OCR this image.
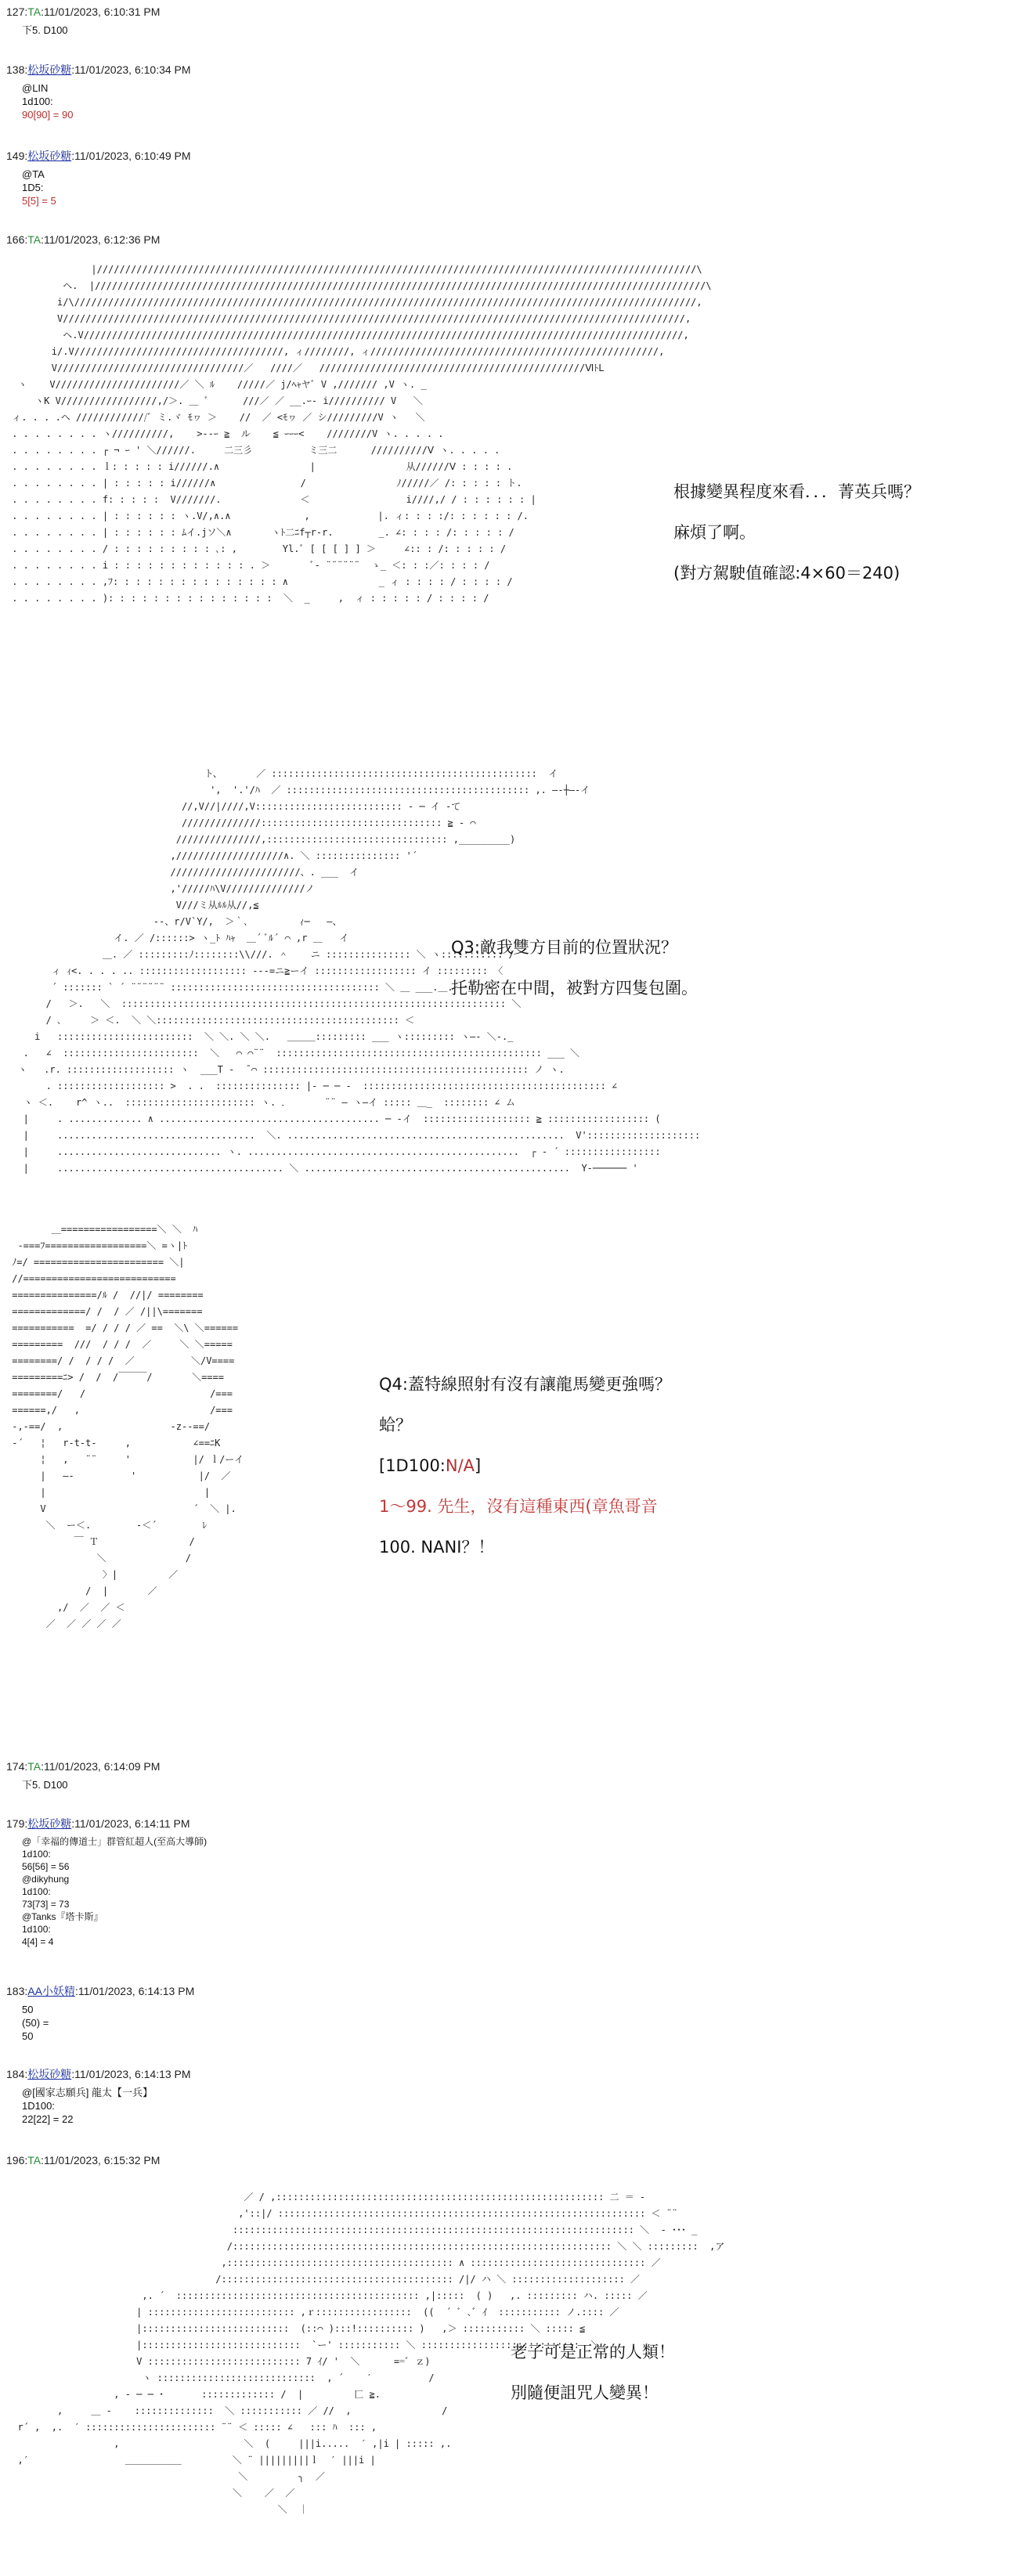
127:TA:11/01/2023, 6:10:31 PM
下5. D100
138:松坂砂糖:11/01/2023, 6:10:34 PM
@LIN
1d100:
90[90] = 90
149:松坂砂糖:11/01/2023, 6:10:49 PM
@TA
1D5:
5[5] = 5
166:TA:11/01/2023, 6:12:36 PM
|//////////////////////////////////////////////////////////////////////////////////////////////////////////\
ヘ.  |////////////////////////////////////////////////////////////////////////////////////////////////////////////\
i/\//////////////////////////////////////////////////////////////////////////////////////////////////////////////,
V//////////////////////////////////////////////////////////////////////////////////////////////////////////////,
ヘ.V//////////////////////////////////////////////////////////////////////////////////////////////////////////,
i/.V/////////////////////////////////////, ィ////////, ィ///////////////////////////////////////////////////,
V/////////////////////////////////／   ////／   ///////////////////////////////////////////////ⅥﾄL
ヽ    V//////////////////////／ ＼ ﾙ    /////／ j/ﾍｬヤﾞ V ,/////// ,V ヽ. _
ヽK V/////////////////,/＞. ＿ ﾞ      ///／ ／ __.ｰ- i////////// V   ＼
ィ. . . .ヘ /////////////ﾞ ミ.ヾ ﾓヮ ＞    //  ／ <ﾓヮ ／ シ/////////V ヽ   ＼
. . . . . . . . ヽ//////////,    >--ｰ ≧  ル    ≦ ｰｰｰ<    ////////V ヽ. . . . .
. . . . . . . . ┌ ¬ ｰ ' ＼//////.     二三彡          ミ三二      //////////Ⅴ ヽ. . . . .
. . . . . . . . ｌ: : : : : i//////.∧                |                从//////Ⅴ : : : : .
. . . . . . . . | : : : : : i//////∧               /                ﾉ/////／ /: : : : : ト.
. . . . . . . . f: : : : :  V///////.              ＜                 i////,/ / : : : : : : |
. . . . . . . . | : : : : : : ヽ.V/,∧.∧             ,            |. ィ: : : :/: : : : : : /.
. . . . . . . . | : : : : : : ﾑイ.jソ＼∧       ヽﾄ二ﾆf┬r-r.        _. ∠: : : : /: : : : : /
. . . . . . . . / : : : : : : : : : ､: ,        Yl.ﾞ [ [ [ ] ] ＞     ∠:: : /: : : : : /
. . . . . . . . i : : : : : : : : : : : : . ＞       ﾞ‐ ¨¨¨¨¨¨  ゝ_ ＜: : :／: : : : /
. . . . . . . . ,ﾌ: : : : : : : : : : : : : : : ∧                _ ィ : : : : / : : : : /
. . . . . . . . ): : : : : : : : : : : : : : :  ＼  _     ,  ィ : : : : : / : : : : /

根據變異程度來看．．．菁英兵嗎？
麻煩了啊。
(對方駕駛值確認:4×60＝240)
ト、      ／ :::::::::::::::::::::::::::::::::::::::::::::::  イ
',  '.'/ﾊ  ／ ::::::::::::::::::::::::::::::::::::::::::: ,. ―‐┼―‐イ
//,V//|////,V:::::::::::::::::::::::::: ‐ ─ イ ‐て
//////////////:::::::::::::::::::::::::::::::: ≧ ‐ ⌒
///////////////,:::::::::::::::::::::::::::::::: ,_________)
,///////////////////∧. ＼ ::::::::::::::: '´
///////////////////////、. ___  イ
,'/////ﾊ\V//////////////ノ
V///ミ从ﾙﾙ从//,≦
--、r/V`Y/,  ＞｀､         ｨ─   ―、
イ. ／ /::::::> ヽ_ﾄ ﾊｬ  ＿´ ﾞﾙ´ ⌒ ,r ＿   イ
＿. ／ :::::::::ﾉ::::::::\\///. ＾    ニ ::::::::::::::: ＼ ヽ::::::::::: /
ィ ｨ<. . . . .. ::::::::::::::::::: ---=ニ≧ーイ :::::::::::::::::: イ ::::::::: 〈
´ ::::::: ` ´ ¨¨¨¨¨¨ ::::::::::::::::::::::::::::::::::::: ＼ ＿ ___.＿. ー  ＞
/   ＞.   ＼  :::::::::::::::::::::::::::::::::::::::::::::::::::::::::::::::::::: ＼
/ ､     ＞ ＜.  ＼ ＼::::::::::::::::::::::::::::::::::::::::::: ＜
i   ::::::::::::::::::::::::  ＼ ＼. ＼ ＼.   ＿＿＿::::::::: ___ ヽ::::::::: ヽ―‐ ＼-._
.   ∠  ::::::::::::::::::::::::  ＼   ⌒ ⌒¨¨  ::::::::::::::::::::::::::::::::::::::::::::::: ___ ＼
ヽ   .r. ::::::::::::::::::: ヽ  ___T ‐  ̄ ⌒ ::::::::::::::::::::::::::::::::::::::::::::::: ノ ヽ.
. ::::::::::::::::::: >  . .  ::::::::::::::: |- ─ ─ ‐  ::::::::::::::::::::::::::::::::::::::::::: ∠
ヽ ＜.    r^ ヽ..  ::::::::::::::::::::::: ヽ. ．      ¨¨ ― ヽ―イ ::::: ＿_  :::::::: ∠ ム
|     . ............. ∧ ....................................... ─ ‐イ  ::::::::::::::::::: ≧ :::::::::::::::::: (
|     ...................................  ＼. .................................................  V'::::::::::::::::::::
|     ............................. ヽ. ................................................  ┌ ‐ ´ :::::::::::::::::
|     ........................................ ＼ ...............................................  Y‐────── '

Q3:敵我雙方目前的位置狀況？
托勒密在中間，被對方四隻包圍。
＿=================＼ ＼  ﾊ
-===ﾌ==================＼ =ヽ|ﾄ
ﾉ=/ ======================= ＼|
//===========================
===============/ﾙ /  //|/ ========
=============/ /  / ／ /||\=======
===========  =/ / / / ／ ==  ＼\ ＼======
=========  ///  / / /  ／     ＼ ＼=====
========/ /  / / /  ／          ＼/V====
=========ﾆ> /  /  /￣￣￣/       ＼====
========/   /                      /===
======,/   ,                       /===
-,-==/  ,                   -z-‐==/
-´   ¦   r‐t‐t‐     ,           ∠==ﾆK
¦   ,   ¨¨     '           |/ ｌ/ーイ
|   ―‐          '           |/  ／
|                            |
V                          ´  ＼ |.
＼  ー＜.        -＜´        ﾚ
￣ Ｔ                /
＼              /
〉|         ／
/  |       ／
,/  ／  ／ ＜
／  ／ ／ ／ ／

Q4:蓋特線照射有沒有讓龍馬變更強嗎？
蛤？
[1D100:N/A]
1～99. 先生，沒有這種東西(章魚哥音
100. NANI？！
174:TA:11/01/2023, 6:14:09 PM
下5. D100
179:松坂砂糖:11/01/2023, 6:14:11 PM
@「幸福的傳道士」群管紅超人(至高大導師)
1d100:
56[56] = 56
@dikyhung
1d100:
73[73] = 73
@Tanks『塔卡斯』
1d100:
4[4] = 4
183:AA小妖精:11/01/2023, 6:14:13 PM
50
(50) =
50
184:松坂砂糖:11/01/2023, 6:14:13 PM
@[國家志願兵] 龍太【一兵】
1D100:
22[22] = 22
196:TA:11/01/2023, 6:15:32 PM
／ / ,:::::::::::::::::::::::::::::::::::::::::::::::::::::::::: 二 ＝ -
,'::|/ ::::::::::::::::::::::::::::::::::::::::::::::::::::::::::::::::: ＜ ¨¨
::::::::::::::::::::::::::::::::::::::::::::::::::::::::::::::::::::::: ＼  ‐ ･･･ _
/::::::::::::::::::::::::::::::::::::::::::::::::::::::::::::::::::: ＼ ＼ :::::::::  ,ア
,:::::::::::::::::::::::::::::::::::::::: ∧ ::::::::::::::::::::::::::::::: ／
/::::::::::::::::::::::::::::::::::::::::: /|/ ハ ＼ :::::::::::::::::::: ／
,. ´  ::::::::::::::::::::::::::::::::::::::::::: ,|:::::  ( )   ,. ::::::::: ハ. ::::: ／
| :::::::::::::::::::::::::: ,ｒ:::::::::::::::::  ((  ´ ﾞ ､ﾞ ｲ  ::::::::::: ノ.:::: ／
|::::::::::::::::::::::::::  (::⌒ ):::!:::::::::: )   ,＞ ::::::::::: ＼ ::::: ≦
|::::::::::::::::::::::::::::  `ー' ::::::::::: ＼ ::::::::::::::::::::::::::::  ＼
V ::::::::::::::::::::::::::: 7 ｲ/ '  ＼      ==ﾞ ｚ)
ヽ ::::::::::::::::::::::::::::  , ´    ′          /
, ‐ ─ ─ ･ 　    ::::::::::::: /  |         匚 ≧.
,     ＿ ‐    ::::::::::::::  ＼ ::::::::::: ／ //  ,                /
r´ ,  ,.  ′ ::::::::::::::::::::::: ¨¨ ＜ ::::: ∠   ::: ﾊ  ::: ,
,                      ＼  (     |||i.....  ′ ,|i | ::::: ,.
,′                 ＿＿＿＿＿＿         ＼ ¨ |||||||||ｌ  ′ |||i |
＼         ╮  ／
＼    ／  ／
＼  ｜

老子可是正常的人類！
別隨便詛咒人變異！
